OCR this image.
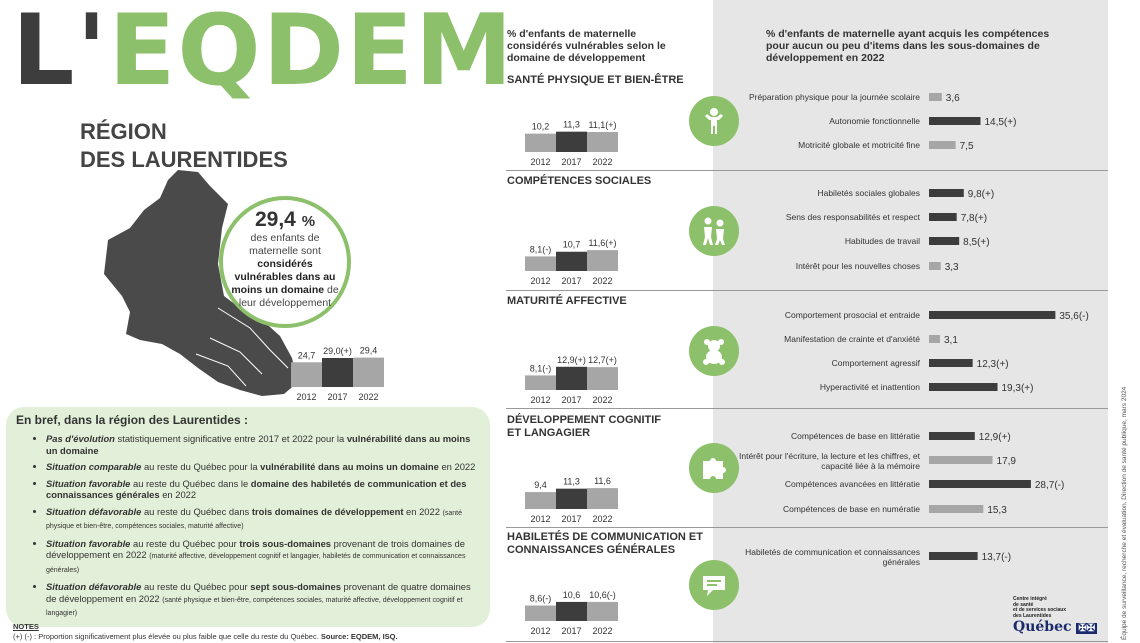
L'EQDEM
RÉGION
DES LAURENTIDES
29,4 %
des enfants de maternelle sont considérés vulnérables dans au moins un domaine de leur développement
24,7
2012
29,0(+)
2017
29,4
2022
10,2
2012
11,3
2017
11,1(+)
2022
8,1(-)
2012
10,7
2017
11,6(+)
2022
8,1(-)
2012
12,9(+)
2017
12,7(+)
2022
9,4
2012
11,3
2017
11,6
2022
8,6(-)
2012
10,6
2017
10,6(-)
2022
3,6
14,5(+)
7,5
9,8(+)
7,8(+)
8,5(+)
3,3
35,6(-)
3,1
12,3(+)
19,3(+)
12,9(+)
17,9
28,7(-)
15,3
13,7(-)
% d'enfants de maternelle considérés vulnérables selon le domaine de développement
% d'enfants de maternelle ayant acquis les compétences pour aucun ou peu d'items dans les sous-domaines de développement en 2022
SANTÉ PHYSIQUE ET BIEN-ÊTRE
COMPÉTENCES SOCIALES
MATURITÉ AFFECTIVE
DÉVELOPPEMENT COGNITIF ET LANGAGIER
HABILETÉS DE COMMUNICATION ET CONNAISSANCES GÉNÉRALES
Préparation physique pour la journée scolaire
Autonomie fonctionnelle
Motricité globale et motricité fine
Habiletés sociales globales
Sens des responsabilités et respect
Habitudes de travail
Intérêt pour les nouvelles choses
Comportement prosocial et entraide
Manifestation de crainte et d'anxiété
Comportement agressif
Hyperactivité et inattention
Compétences de base en littératie
Intérêt pour l'écriture, la lecture et les chiffres, et capacité liée à la mémoire
Compétences avancées en littératie
Compétences de base en numératie
Habiletés de communication et connaissances générales
En bref, dans la région des Laurentides :
• Pas d'évolution statistiquement significative entre 2017 et 2022 pour la vulnérabilité dans au moins un domaine
• Situation comparable au reste du Québec pour la vulnérabilité dans au moins un domaine en 2022
• Situation favorable au reste du Québec dans le domaine des habiletés de communication et des connaissances générales en 2022
• Situation défavorable au reste du Québec dans trois domaines de développement en 2022 (santé physique et bien-être, compétences sociales, maturité affective)
• Situation favorable au reste du Québec pour trois sous-domaines provenant de trois domaines de développement en 2022 (maturité affective, développement cognitif et langagier, habiletés de communication et connaissances générales)
• Situation défavorable au reste du Québec pour sept sous-domaines provenant de quatre domaines de développement en 2022 (santé physique et bien-être, compétences sociales, maturité affective, développement cognitif et langagier)
NOTES
(+) (-) : Proportion significativement plus élevée ou plus faible que celle du reste du Québec. Source: EQDEM, ISQ.
Centre intégré
de santé
et de services sociaux
des Laurentides
Québec ✠✠	Équipe de surveillance, recherche et évaluation, Direction de santé publique, mars 2024
